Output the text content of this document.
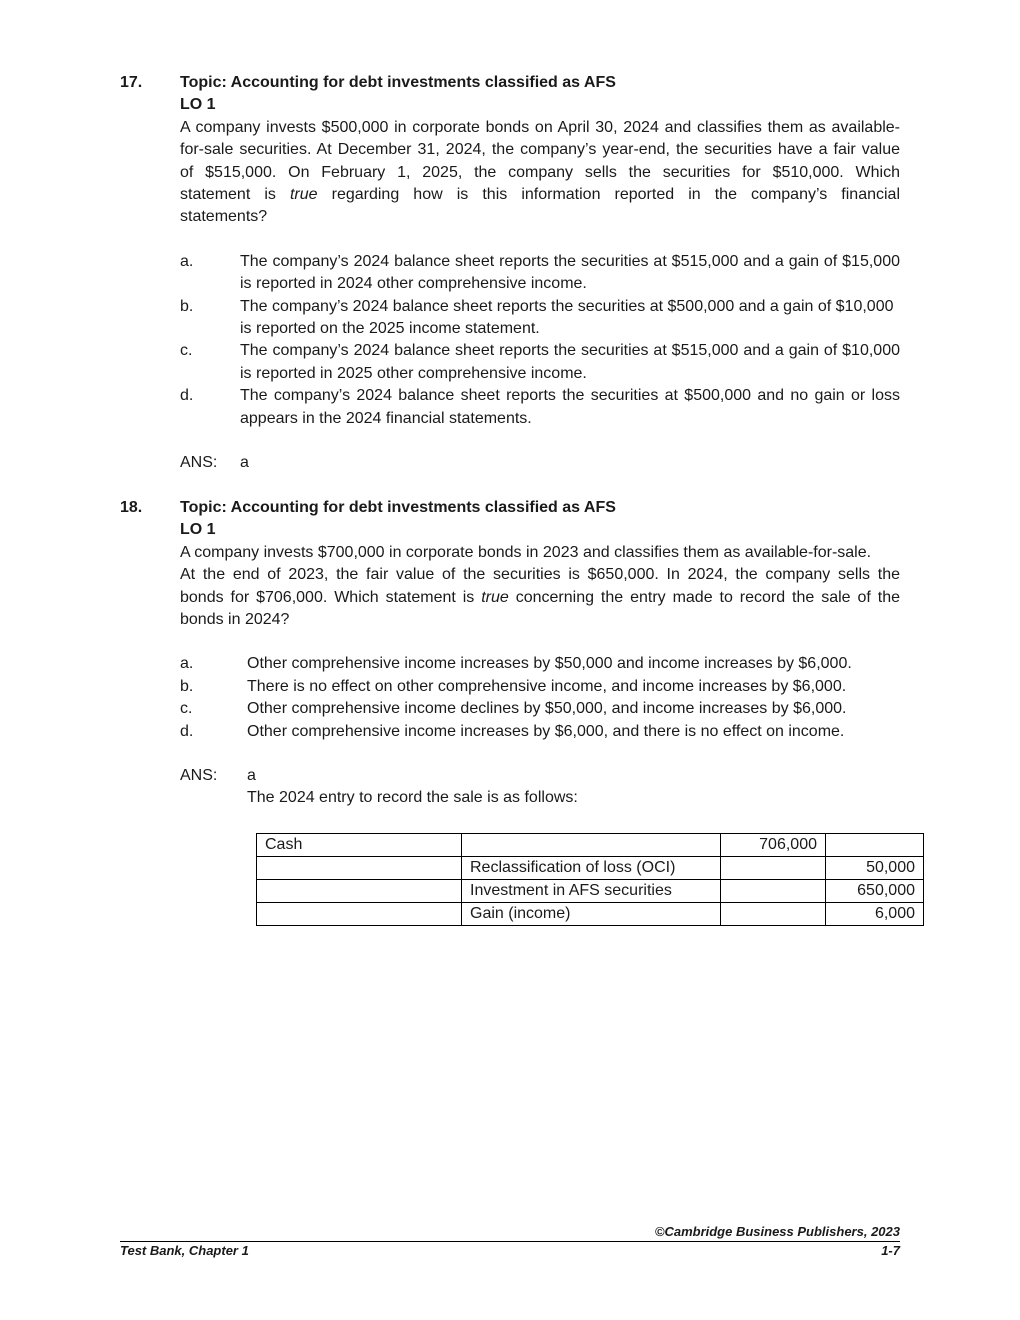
17. Topic: Accounting for debt investments classified as AFS
LO 1
A company invests $500,000 in corporate bonds on April 30, 2024 and classifies them as available-
for-sale securities. At December 31, 2024, the company’s year-end, the securities have a fair value
of $515,000. On February 1, 2025, the company sells the securities for $510,000. Which
statement is true regarding how is this information reported in the company’s financial
statements?
a.	The company’s 2024 balance sheet reports the securities at $515,000 and a gain of $15,000 is reported in 2024 other comprehensive income.
b.	The company’s 2024 balance sheet reports the securities at $500,000 and a gain of $10,000 is reported on the 2025 income statement.
c.	The company’s 2024 balance sheet reports the securities at $515,000 and a gain of $10,000 is reported in 2025 other comprehensive income.
d.	The company’s 2024 balance sheet reports the securities at $500,000 and no gain or loss appears in the 2024 financial statements.
ANS:	a
18. Topic: Accounting for debt investments classified as AFS
LO 1
A company invests $700,000 in corporate bonds in 2023 and classifies them as available-for-sale.
At the end of 2023, the fair value of the securities is $650,000. In 2024, the company sells the
bonds for $706,000. Which statement is true concerning the entry made to record the sale of the
bonds in 2024?
a.	Other comprehensive income increases by $50,000 and income increases by $6,000.
b.	There is no effect on other comprehensive income, and income increases by $6,000.
c.	Other comprehensive income declines by $50,000, and income increases by $6,000.
d.	Other comprehensive income increases by $6,000, and there is no effect on income.
ANS:	a
The 2024 entry to record the sale is as follows:
Cash		706,000	
	Reclassification of loss (OCI)		50,000
	Investment in AFS securities		650,000
	Gain (income)		6,000
©Cambridge Business Publishers, 2023
Test Bank, Chapter 1	1-7
